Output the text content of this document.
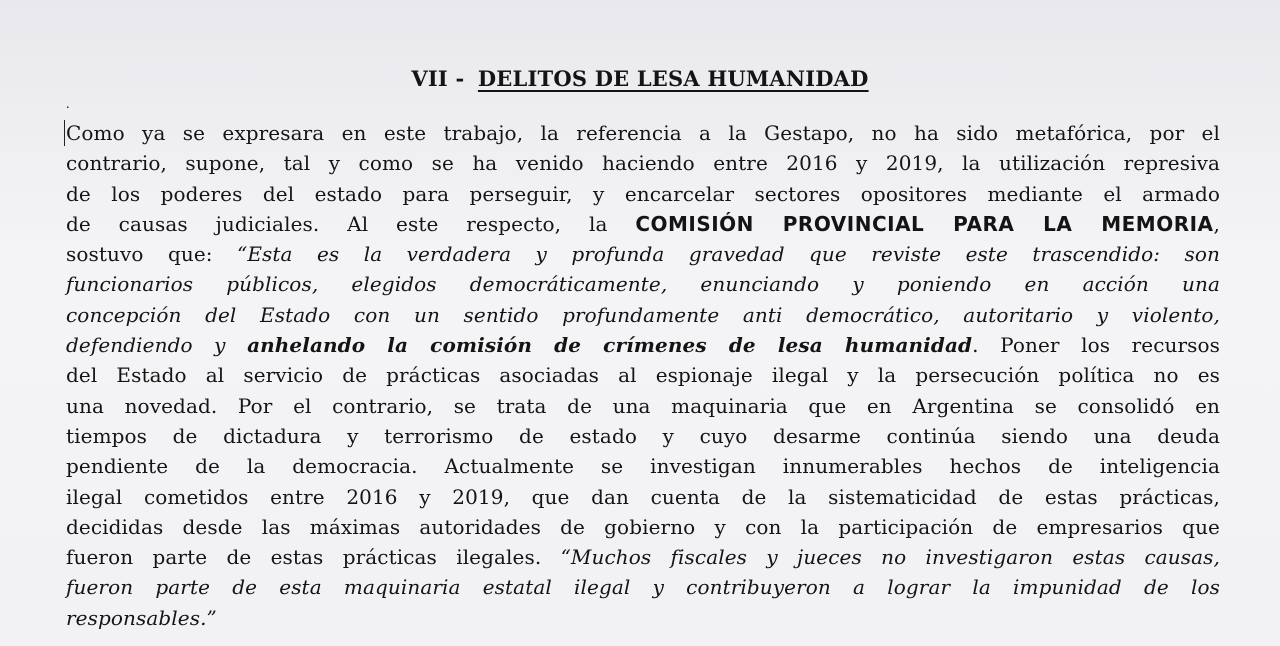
VII - DELITOS DE LESA HUMANIDAD
.
Como ya se expresara en este trabajo, la referencia a la Gestapo, no ha sido metafórica, por el
contrario, supone, tal y como se ha venido haciendo entre 2016 y 2019, la utilización represiva
de los poderes del estado para perseguir, y encarcelar sectores opositores mediante el armado
de causas judiciales. Al este respecto, la COMISIÓN PROVINCIAL PARA LA MEMORIA,
sostuvo que: “Esta es la verdadera y profunda gravedad que reviste este trascendido: son
funcionarios públicos, elegidos democráticamente, enunciando y poniendo en acción una
concepción del Estado con un sentido profundamente anti democrático, autoritario y violento,
defendiendo y anhelando la comisión de crímenes de lesa humanidad. Poner los recursos
del Estado al servicio de prácticas asociadas al espionaje ilegal y la persecución política no es
una novedad. Por el contrario, se trata de una maquinaria que en Argentina se consolidó en
tiempos de dictadura y terrorismo de estado y cuyo desarme continúa siendo una deuda
pendiente de la democracia. Actualmente se investigan innumerables hechos de inteligencia
ilegal cometidos entre 2016 y 2019, que dan cuenta de la sistematicidad de estas prácticas,
decididas desde las máximas autoridades de gobierno y con la participación de empresarios que
fueron parte de estas prácticas ilegales. “Muchos fiscales y jueces no investigaron estas causas,
fueron parte de esta maquinaria estatal ilegal y contribuyeron a lograr la impunidad de los
responsables.”
